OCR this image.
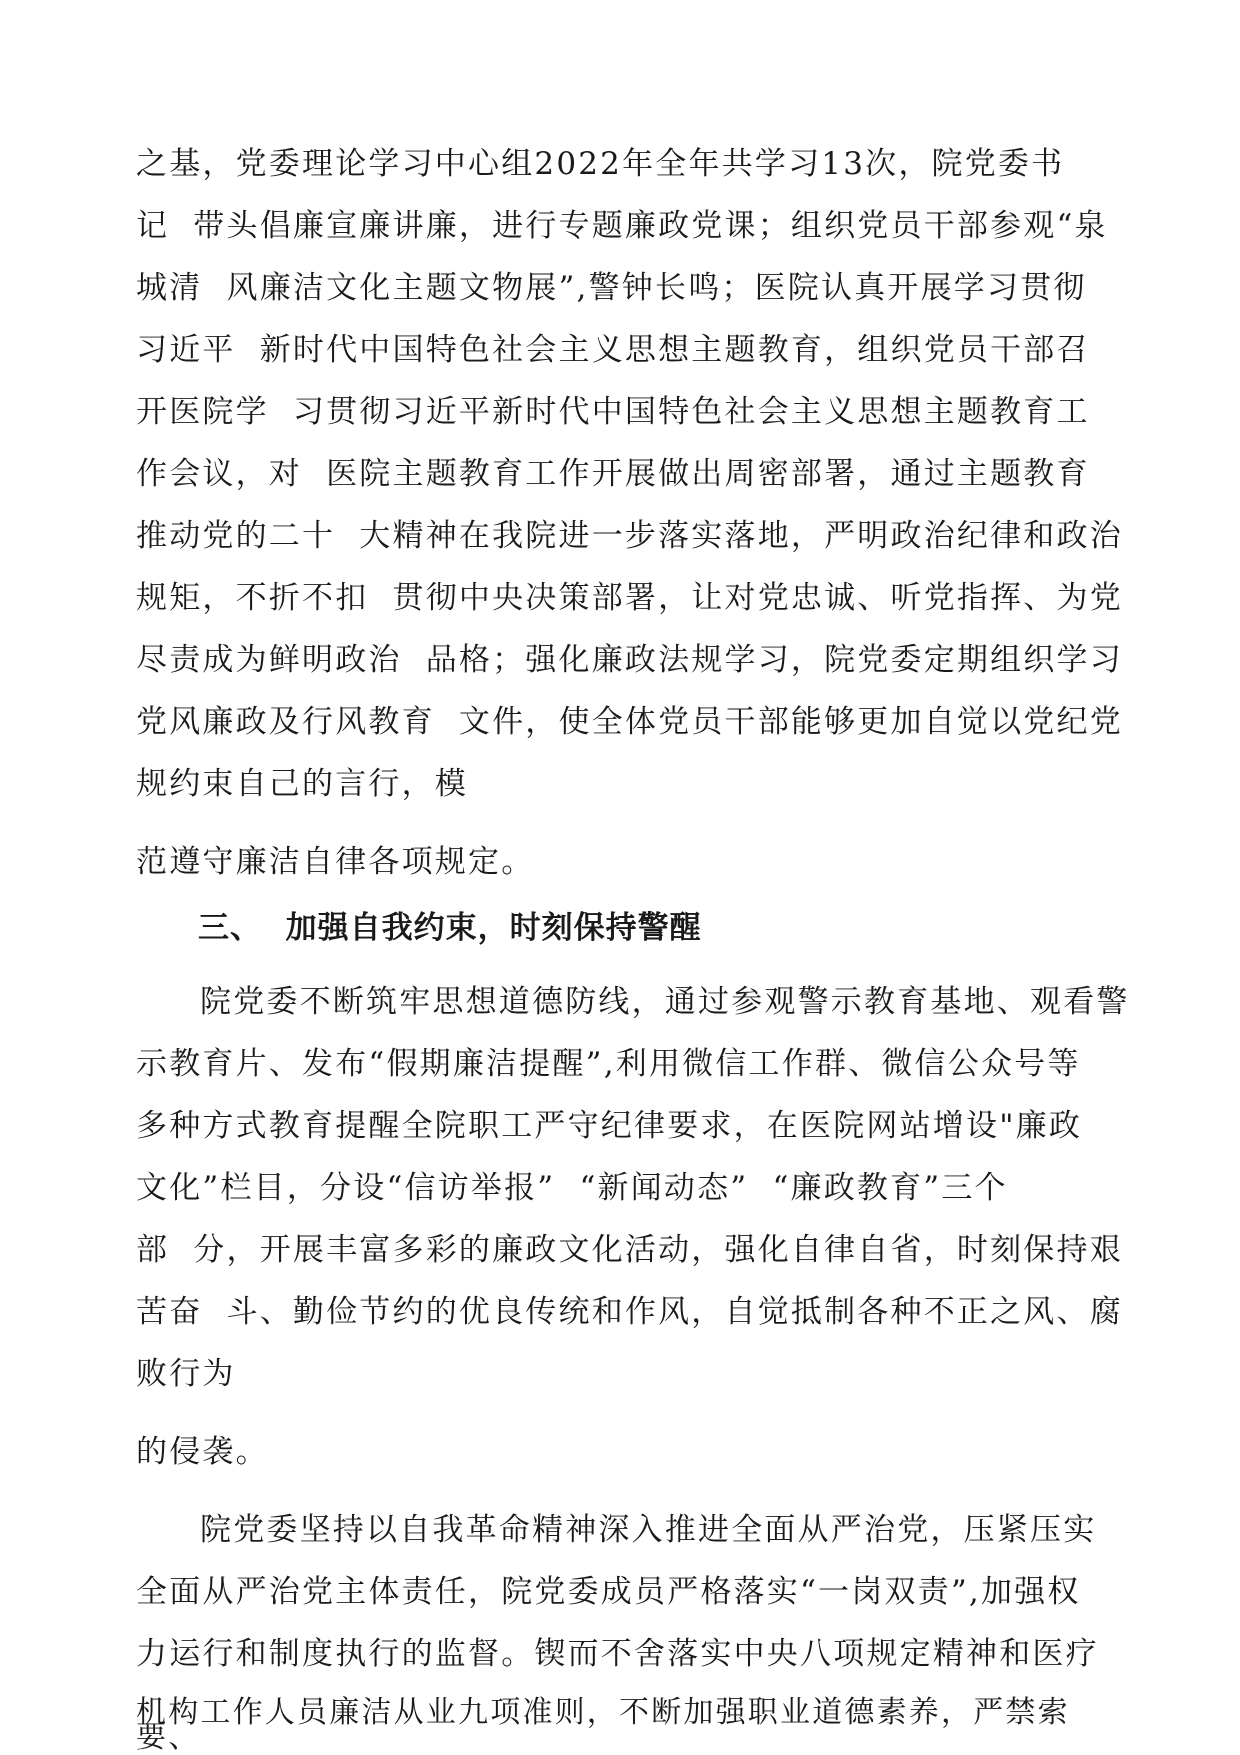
之基，党委理论学习中心组2022年全年共学习13次，院党委书

记  带头倡廉宣廉讲廉，进行专题廉政党课；组织党员干部参观“泉

城清  风廉洁文化主题文物展”,警钟长鸣；医院认真开展学习贯彻

习近平  新时代中国特色社会主义思想主题教育，组织党员干部召

开医院学  习贯彻习近平新时代中国特色社会主义思想主题教育工

作会议，对  医院主题教育工作开展做出周密部署，通过主题教育

推动党的二十  大精神在我院进一步落实落地，严明政治纪律和政治

规矩，不折不扣  贯彻中央决策部署，让对党忠诚、听党指挥、为党

尽责成为鲜明政治  品格；强化廉政法规学习，院党委定期组织学习

党风廉政及行风教育  文件，使全体党员干部能够更加自觉以党纪党

规约束自己的言行，模

范遵守廉洁自律各项规定。

三、  加强自我约束，时刻保持警醒

院党委不断筑牢思想道德防线，通过参观警示教育基地、观看警

示教育片、发布“假期廉洁提醒”,利用微信工作群、微信公众号等

多种方式教育提醒全院职工严守纪律要求，在医院网站增设"廉政

文化”栏目，分设“信访举报”  “新闻动态”  “廉政教育”三个

部  分，开展丰富多彩的廉政文化活动，强化自律自省，时刻保持艰

苦奋  斗、勤俭节约的优良传统和作风，自觉抵制各种不正之风、腐

败行为

的侵袭。

院党委坚持以自我革命精神深入推进全面从严治党，压紧压实

全面从严治党主体责任，院党委成员严格落实“一岗双责”,加强权

力运行和制度执行的监督。锲而不舍落实中央八项规定精神和医疗

机构工作人员廉洁从业九项准则，不断加强职业道德素养，严禁索

要、
